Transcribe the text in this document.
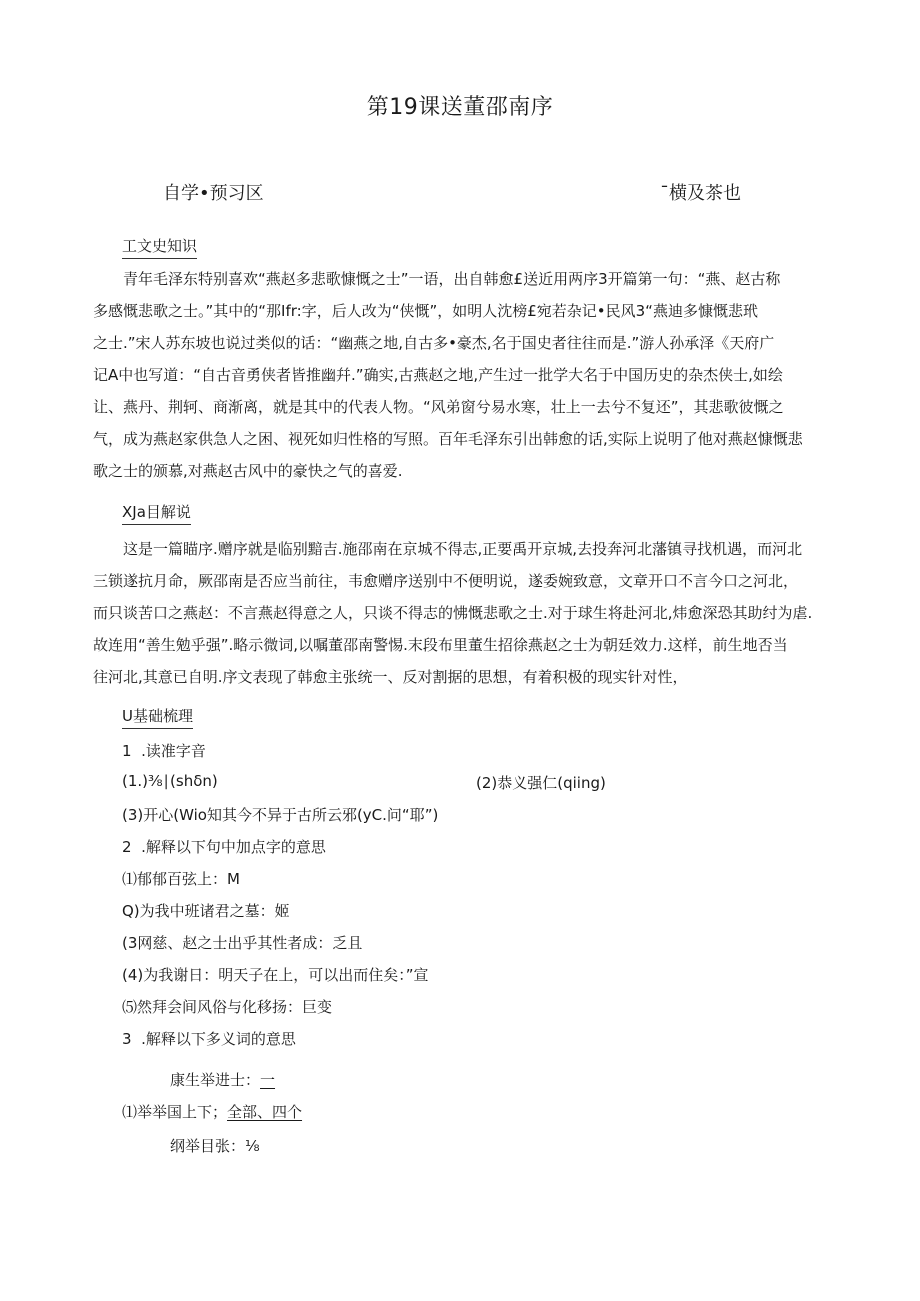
第19课送董邵南序
自学•预习区	¯横及茶也
工文史知识

青年毛泽东特别喜欢“燕赵多悲歌慷慨之士”一语，出自韩愈£送近用两序3开篇第一句：“燕、赵古称

多感慨悲歌之士。”其中的“那Ifr:字，后人改为“侠慨”，如明人沈榜£宛若杂记•民风3“燕迪多慷慨悲玳

之士.”宋人苏东坡也说过类似的话：“幽燕之地,自古多•豪杰,名于国史者往往而是.”游人孙承泽《天府广

记A中也写道：“自古音勇侠者皆推幽幷.”确实,古燕赵之地,产生过一批学大名于中国历史的杂杰侠士,如绘

让、燕丹、荆轲、商渐离，就是其中的代表人物。“风弟窗兮易水寒，壮上一去兮不复还”，其悲歌彼慨之

气，成为燕赵家供急人之困、视死如归性格的写照。百年毛泽东引出韩愈的话,实际上说明了他对燕赵慷慨悲

歌之士的颁慕,对燕赵古风中的豪快之气的喜爱.

XJa目解说

这是一篇瞄序.赠序就是临别黯吉.施邵南在京城不得志,正要禹开京城,去投奔河北藩镇寻找机遇，而河北

三锁遂抗月命，厥邵南是否应当前往，韦愈赠序送别中不便明说，遂委婉致意，文章开口不言今口之河北，

而只谈苦口之燕赵：不言燕赵得意之人，只谈不得志的怫慨悲歌之士.对于球生将赴河北,炜愈深恐其助纣为虐.

故连用“善生勉乎强”.略示微词,以嘱董邵南警惕.末段布里董生招徐燕赵之士为朝廷效力.这样，前生地否当

往河北,其意已自明.序文表现了韩愈主张统一、反对割据的思想，有着积极的现实针对性，

U基础梳理
1  .读准字音
(1.)⅜∣(shδn)	(2)恭义强仁(qiing)
(3)开心(Wio知其今不异于古所云邪(yC.问“耶”)
2  .解释以下句中加点字的意思
⑴郁郁百弦上：M
Q)为我中班诸君之墓：姬
(3网慈、赵之士出乎其性者成：乏且
(4)为我谢日：明天子在上，可以出而住矣：”宣
⑸然拜会间风俗与化移扬：巨变
3  .解释以下多义词的意思
康生举进士：一
⑴举举国上下；全部、四个
纲举目张：⅛
